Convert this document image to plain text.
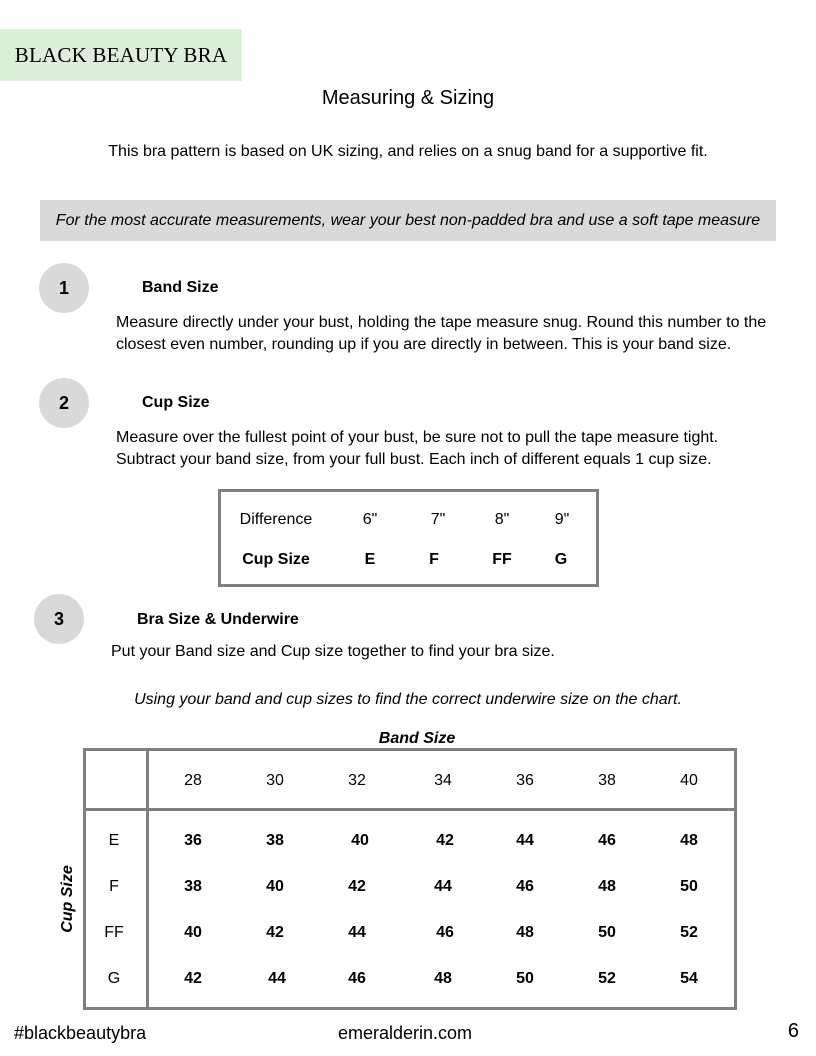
BLACK BEAUTY BRA
Measuring & Sizing
This bra pattern is based on UK sizing, and relies on a snug band for a supportive fit.
For the most accurate measurements, wear your best non-padded bra and use a soft tape measure
1	Band Size
Measure directly under your bust, holding the tape measure snug. Round this number to the
closest even number, rounding up if you are directly in between. This is your band size.
2	Cup Size
Measure over the fullest point of your bust, be sure not to pull the tape measure tight.
Subtract your band size, from your full bust. Each inch of different equals 1 cup size.
Difference	6"	7"	8"	9"
Cup Size	E	F	FF	G
3	Bra Size & Underwire
Put your Band size and Cup size together to find your bra size.
Using your band and cup sizes to find the correct underwire size on the chart.
Band Size
Cup Size
28	30	32	34	36	38	40
E	36	38	40	42	44	46	48
F	38	40	42	44	46	48	50
FF	40	42	44	46	48	50	52
G	42	44	46	48	50	52	54
#blackbeautybra	emeralderin.com	6
